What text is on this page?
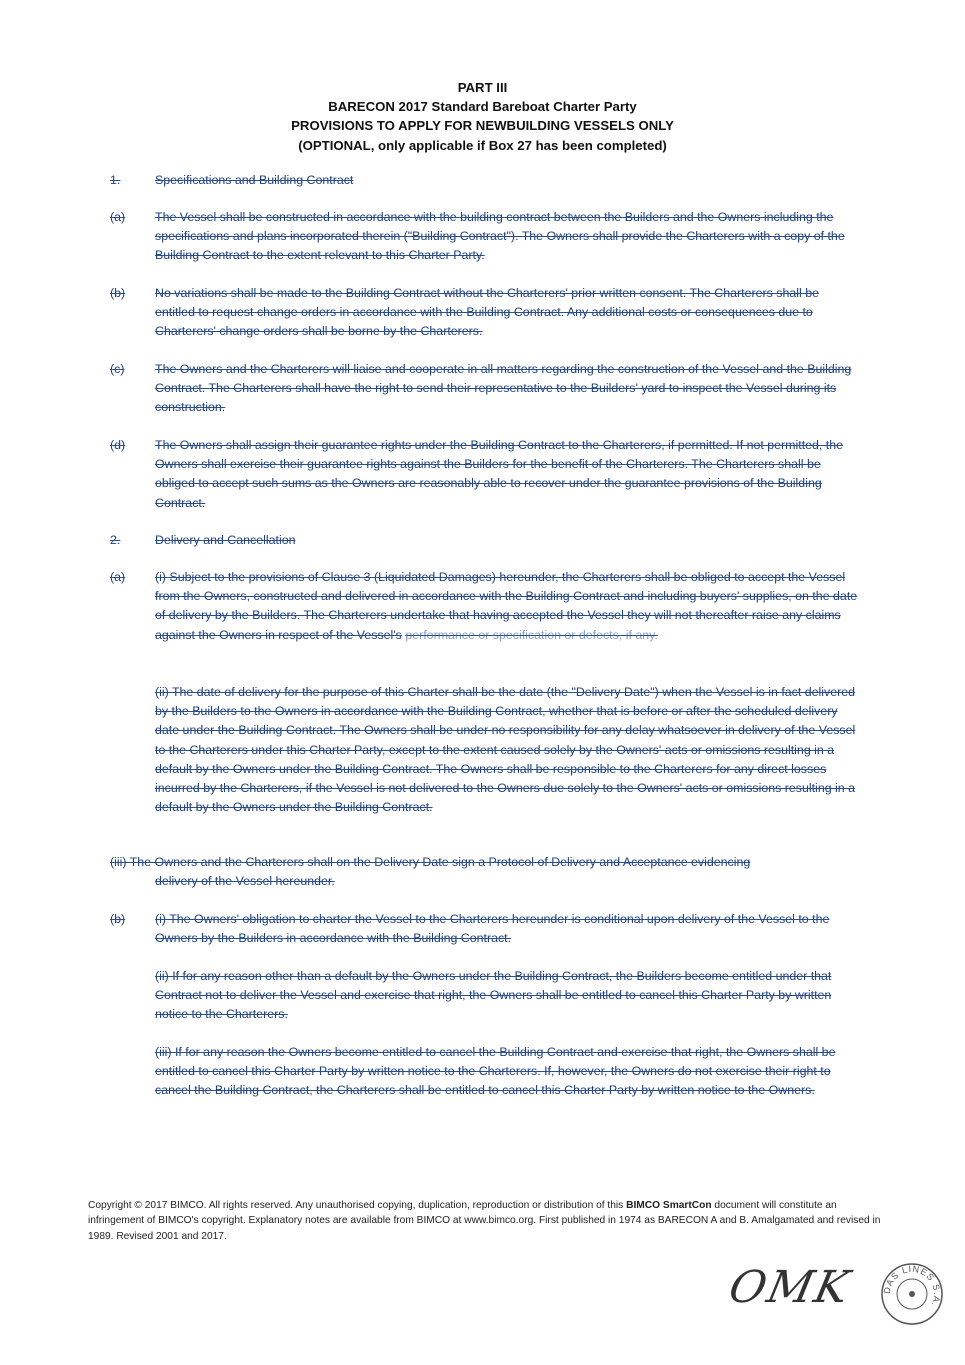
PART III
BARECON 2017 Standard Bareboat Charter Party
PROVISIONS TO APPLY FOR NEWBUILDING VESSELS ONLY
(OPTIONAL, only applicable if Box 27 has been completed)
1.	Specifications and Building Contract
(a) The Vessel shall be constructed in accordance with the building contract between the Builders and the Owners including the specifications and plans incorporated therein ("Building Contract"). The Owners shall provide the Charterers with a copy of the Building Contract to the extent relevant to this Charter Party.
(b) No variations shall be made to the Building Contract without the Charterers' prior written consent. The Charterers shall be entitled to request change orders in accordance with the Building Contract. Any additional costs or consequences due to Charterers' change orders shall be borne by the Charterers.
(c) The Owners and the Charterers will liaise and cooperate in all matters regarding the construction of the Vessel and the Building Contract. The Charterers shall have the right to send their representative to the Builders' yard to inspect the Vessel during its construction.
(d) The Owners shall assign their guarantee rights under the Building Contract to the Charterers, if permitted. If not permitted, the Owners shall exercise their guarantee rights against the Builders for the benefit of the Charterers. The Charterers shall be obliged to accept such sums as the Owners are reasonably able to recover under the guarantee provisions of the Building Contract.
2.	Delivery and Cancellation
(a) (i) Subject to the provisions of Clause 3 (Liquidated Damages) hereunder, the Charterers shall be obliged to accept the Vessel from the Owners, constructed and delivered in accordance with the Building Contract and including buyers' supplies, on the date of delivery by the Builders. The Charterers undertake that having accepted the Vessel they will not thereafter raise any claims against the Owners in respect of the Vessel's performance or specification or defects, if any.
(ii) The date of delivery for the purpose of this Charter shall be the date (the "Delivery Date") when the Vessel is in fact delivered by the Builders to the Owners in accordance with the Building Contract, whether that is before or after the scheduled delivery date under the Building Contract. The Owners shall be under no responsibility for any delay whatsoever in delivery of the Vessel to the Charterers under this Charter Party, except to the extent caused solely by the Owners' acts or omissions resulting in a default by the Owners under the Building Contract. The Owners shall be responsible to the Charterers for any direct losses incurred by the Charterers, if the Vessel is not delivered to the Owners due solely to the Owners' acts or omissions resulting in a default by the Owners under the Building Contract.
(iii) The Owners and the Charterers shall on the Delivery Date sign a Protocol of Delivery and Acceptance evidencing
delivery of the Vessel hereunder.
(b) (i) The Owners' obligation to charter the Vessel to the Charterers hereunder is conditional upon delivery of the Vessel to the Owners by the Builders in accordance with the Building Contract.
(ii) If for any reason other than a default by the Owners under the Building Contract, the Builders become entitled under that Contract not to deliver the Vessel and exercise that right, the Owners shall be entitled to cancel this Charter Party by written notice to the Charterers.
(iii) If for any reason the Owners become entitled to cancel the Building Contract and exercise that right, the Owners shall be entitled to cancel this Charter Party by written notice to the Charterers. If, however, the Owners do not exercise their right to cancel the Building Contract, the Charterers shall be entitled to cancel this Charter Party by written notice to the Owners.
Copyright © 2017 BIMCO. All rights reserved. Any unauthorised copying, duplication, reproduction or distribution of this BIMCO SmartCon document will constitute an infringement of BIMCO's copyright. Explanatory notes are available from BIMCO at www.bimco.org. First published in 1974 as BARECON A and B. Amalgamated and revised in 1989. Revised 2001 and 2017.
OMK	DAS LINES S.A.
